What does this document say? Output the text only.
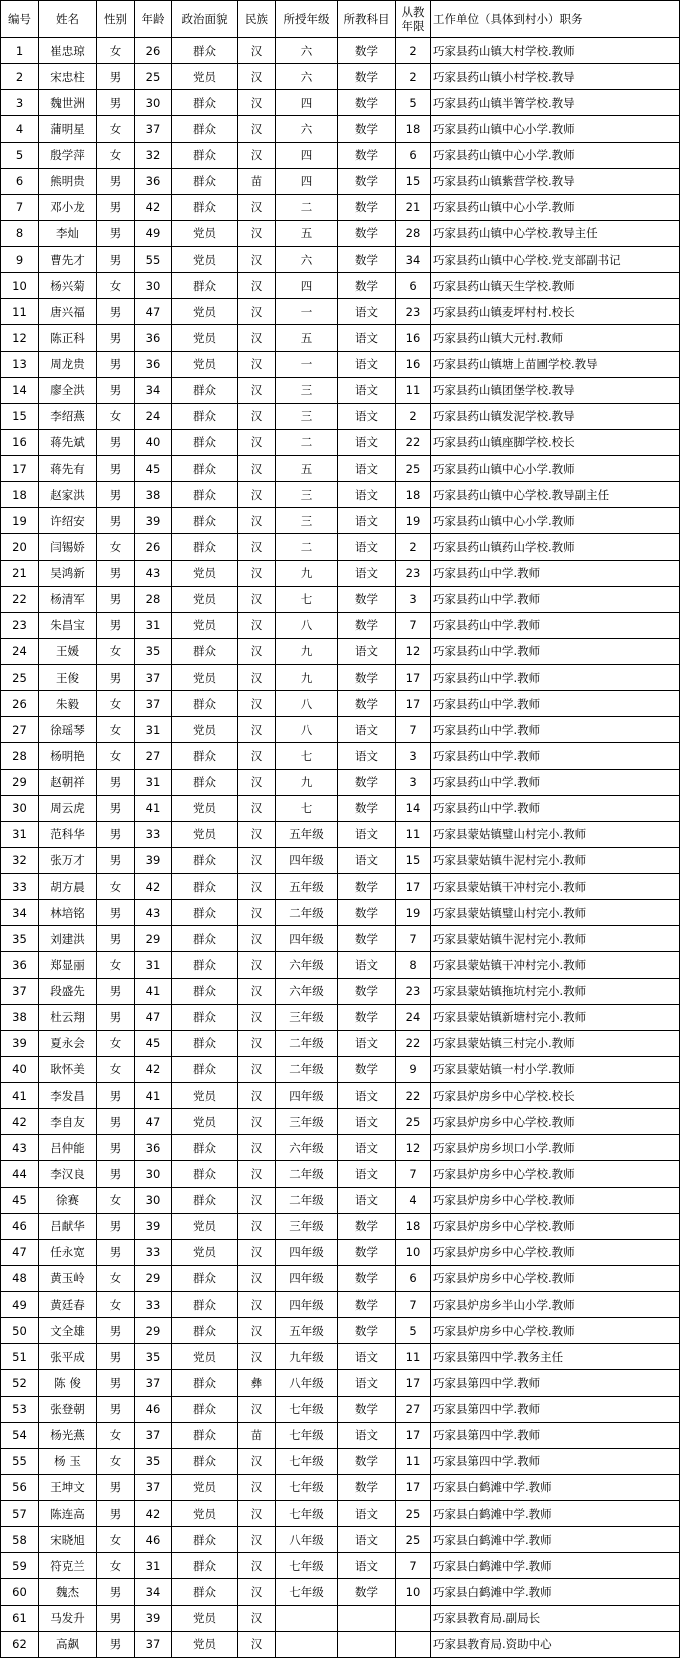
编号	姓名	性别	年龄	政治面貌	民族	所授年级	所教科目	从教
年限	工作单位（具体到村小）职务
1	崔忠琼	女	26	群众	汉	六	数学	2	巧家县药山镇大村学校.教师
2	宋忠柱	男	25	党员	汉	六	数学	2	巧家县药山镇小村学校.教导
3	魏世洲	男	30	群众	汉	四	数学	5	巧家县药山镇半箐学校.教导
4	蒲明星	女	37	群众	汉	六	数学	18	巧家县药山镇中心小学.教师
5	殷学萍	女	32	群众	汉	四	数学	6	巧家县药山镇中心小学.教师
6	熊明贵	男	36	群众	苗	四	数学	15	巧家县药山镇紫营学校.教导
7	邓小龙	男	42	群众	汉	二	数学	21	巧家县药山镇中心小学.教师
8	李灿	男	49	党员	汉	五	数学	28	巧家县药山镇中心学校.教导主任
9	曹先才	男	55	党员	汉	六	数学	34	巧家县药山镇中心学校.党支部副书记
10	杨兴菊	女	30	群众	汉	四	数学	6	巧家县药山镇天生学校.教师
11	唐兴福	男	47	党员	汉	一	语文	23	巧家县药山镇麦坪村村.校长
12	陈正科	男	36	党员	汉	五	语文	16	巧家县药山镇大元村.教师
13	周龙贵	男	36	党员	汉	一	语文	16	巧家县药山镇塘上苗圃学校.教导
14	廖全洪	男	34	群众	汉	三	语文	11	巧家县药山镇团堡学校.教导
15	李绍燕	女	24	群众	汉	三	语文	2	巧家县药山镇发泥学校.教导
16	蒋先斌	男	40	群众	汉	二	语文	22	巧家县药山镇座脚学校.校长
17	蒋先有	男	45	群众	汉	五	语文	25	巧家县药山镇中心小学.教师
18	赵家洪	男	38	群众	汉	三	语文	18	巧家县药山镇中心学校.教导副主任
19	许绍安	男	39	群众	汉	三	语文	19	巧家县药山镇中心小学.教师
20	闫锡娇	女	26	群众	汉	二	语文	2	巧家县药山镇药山学校.教师
21	吴鸿新	男	43	党员	汉	九	语文	23	巧家县药山中学.教师
22	杨清军	男	28	党员	汉	七	数学	3	巧家县药山中学.教师
23	朱昌宝	男	31	党员	汉	八	数学	7	巧家县药山中学.教师
24	王媛	女	35	群众	汉	九	语文	12	巧家县药山中学.教师
25	王俊	男	37	党员	汉	九	数学	17	巧家县药山中学.教师
26	朱毅	女	37	群众	汉	八	数学	17	巧家县药山中学.教师
27	徐瑶琴	女	31	党员	汉	八	语文	7	巧家县药山中学.教师
28	杨明艳	女	27	群众	汉	七	语文	3	巧家县药山中学.教师
29	赵朝祥	男	31	群众	汉	九	数学	3	巧家县药山中学.教师
30	周云虎	男	41	党员	汉	七	数学	14	巧家县药山中学.教师
31	范科华	男	33	党员	汉	五年级	语文	11	巧家县蒙姑镇璧山村完小.教师
32	张万才	男	39	群众	汉	四年级	语文	15	巧家县蒙姑镇牛泥村完小.教师
33	胡方晨	女	42	群众	汉	五年级	数学	17	巧家县蒙姑镇干冲村完小.教师
34	林培铭	男	43	群众	汉	二年级	数学	19	巧家县蒙姑镇璧山村完小.教师
35	刘建洪	男	29	群众	汉	四年级	数学	7	巧家县蒙姑镇牛泥村完小.教师
36	郑显丽	女	31	群众	汉	六年级	语文	8	巧家县蒙姑镇干冲村完小.教师
37	段盛先	男	41	群众	汉	六年级	数学	23	巧家县蒙姑镇拖坑村完小.教师
38	杜云翔	男	47	群众	汉	三年级	数学	24	巧家县蒙姑镇新塘村完小.教师
39	夏永会	女	45	群众	汉	二年级	语文	22	巧家县蒙姑镇三村完小.教师
40	耿怀美	女	42	群众	汉	二年级	数学	9	巧家县蒙姑镇一村小学.教师
41	李发昌	男	41	党员	汉	四年级	语文	22	巧家县炉房乡中心学校.校长
42	李自友	男	47	党员	汉	三年级	语文	25	巧家县炉房乡中心学校.教师
43	吕仲能	男	36	群众	汉	六年级	语文	12	巧家县炉房乡坝口小学.教师
44	李汉良	男	30	群众	汉	二年级	语文	7	巧家县炉房乡中心学校.教师
45	徐赛	女	30	群众	汉	二年级	语文	4	巧家县炉房乡中心学校.教师
46	吕献华	男	39	党员	汉	三年级	数学	18	巧家县炉房乡中心学校.教师
47	任永宽	男	33	党员	汉	四年级	数学	10	巧家县炉房乡中心学校.教师
48	黄玉岭	女	29	群众	汉	四年级	数学	6	巧家县炉房乡中心学校.教师
49	黄廷春	女	33	群众	汉	四年级	数学	7	巧家县炉房乡半山小学.教师
50	文全雄	男	29	群众	汉	五年级	数学	5	巧家县炉房乡中心学校.教师
51	张平成	男	35	党员	汉	九年级	语文	11	巧家县第四中学.教务主任
52	陈 俊	男	37	群众	彝	八年级	语文	17	巧家县第四中学.教师
53	张登朝	男	46	群众	汉	七年级	数学	27	巧家县第四中学.教师
54	杨光燕	女	37	群众	苗	七年级	语文	17	巧家县第四中学.教师
55	杨 玉	女	35	群众	汉	七年级	数学	11	巧家县第四中学.教师
56	王坤文	男	37	党员	汉	七年级	数学	17	巧家县白鹤滩中学.教师
57	陈连高	男	42	党员	汉	七年级	语文	25	巧家县白鹤滩中学.教师
58	宋晓旭	女	46	群众	汉	八年级	语文	25	巧家县白鹤滩中学.教师
59	符克兰	女	31	群众	汉	七年级	语文	7	巧家县白鹤滩中学.教师
60	魏杰	男	34	群众	汉	七年级	数学	10	巧家县白鹤滩中学.教师
61	马发升	男	39	党员	汉				巧家县教育局.副局长
62	高飙	男	37	党员	汉				巧家县教育局.资助中心
